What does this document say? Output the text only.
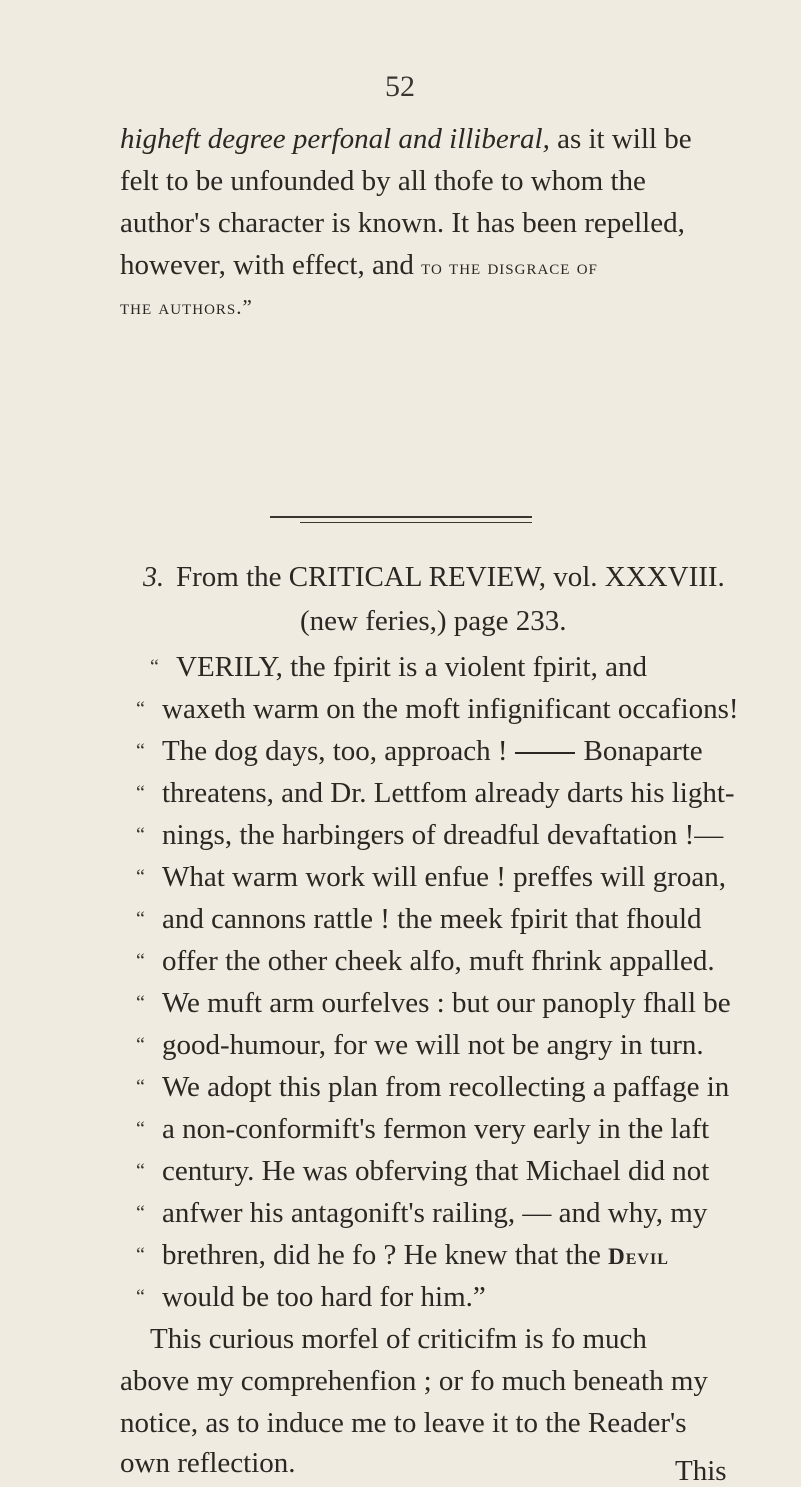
52
higheft degree perfonal and illiberal, as it will be
felt to be unfounded by all thofe to whom the
author's character is known. It has been repelled,
however, with effect, and to the disgrace of
the authors.”
3. From the CRITICAL REVIEW, vol. XXXVIII.
(new feries,) page 233.
“ VERILY, the fpirit is a violent fpirit, and
“ waxeth warm on the moft infignificant occafions!
“ The dog days, too, approach !	Bonaparte
“ threatens, and Dr. Lettfom already darts his light-
“ nings, the harbingers of dreadful devaftation !—
“ What warm work will enfue ! preffes will groan,
“ and cannons rattle ! the meek fpirit that fhould
“ offer the other cheek alfo, muft fhrink appalled.
“ We muft arm ourfelves : but our panoply fhall be
“ good-humour, for we will not be angry in turn.
“ We adopt this plan from recollecting a paffage in
“ a non-conformift's fermon very early in the laft
“ century. He was obferving that Michael did not
“ anfwer his antagonift's railing, — and why, my
“ brethren, did he fo ? He knew that the Devil
“ would be too hard for him.”
This curious morfel of criticifm is fo much
above my comprehenfion ; or fo much beneath my
notice, as to induce me to leave it to the Reader's
own reflection.	This
